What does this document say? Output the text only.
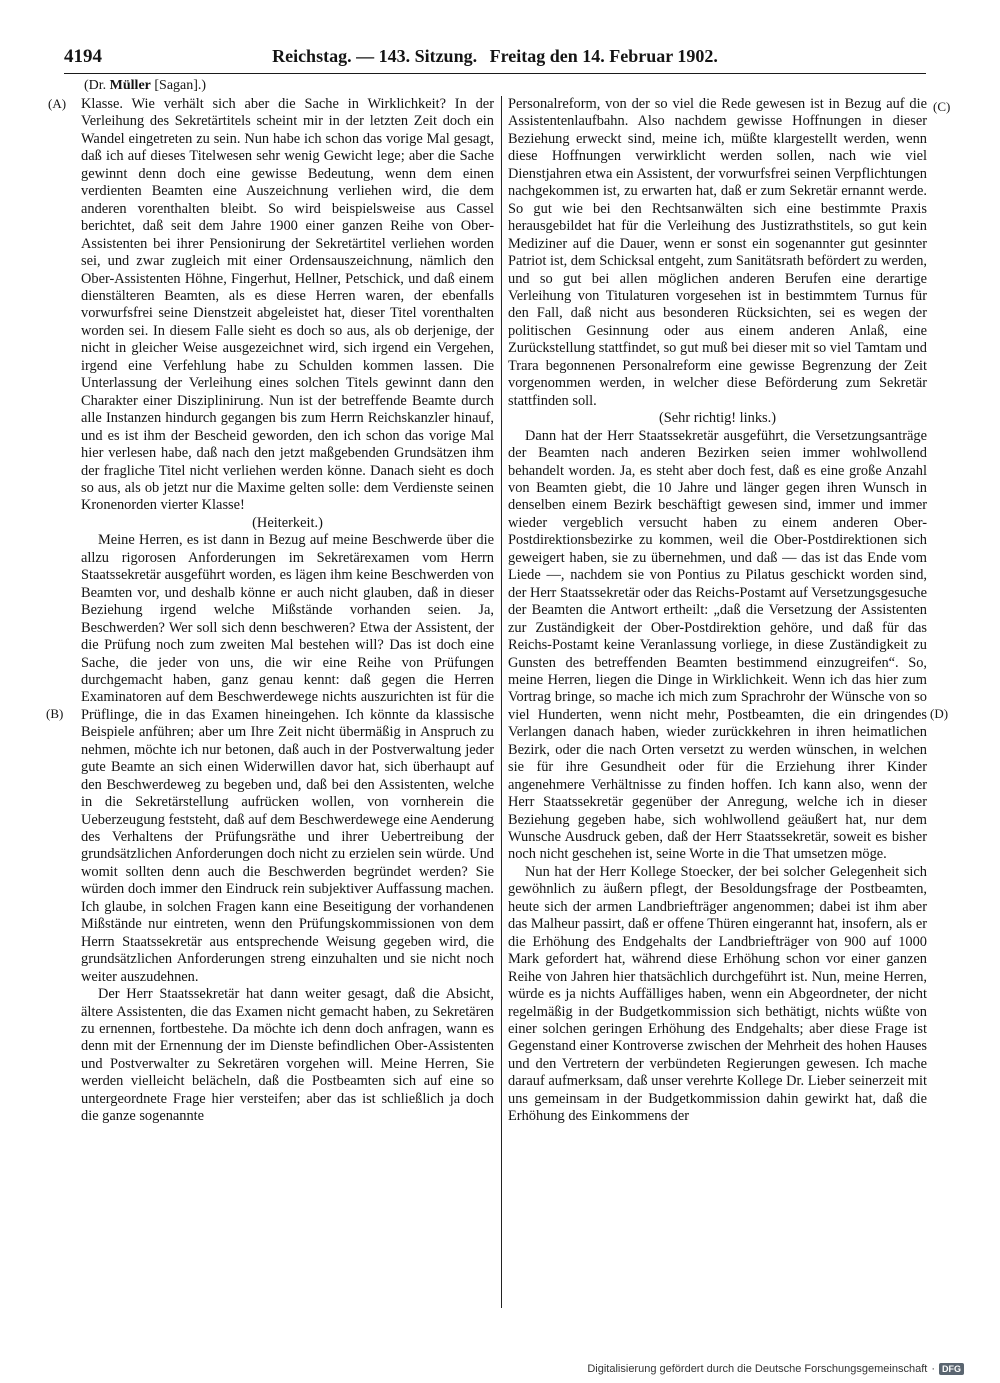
4194	Reichstag. — 143. Sitzung. Freitag den 14. Februar 1902.
(Dr. Müller [Sagan].)
(A)
(B)
(C)
(D)

Klasse. Wie verhält sich aber die Sache in Wirklichkeit? In der Verleihung des Sekretärtitels scheint mir in der letzten Zeit doch ein Wandel eingetreten zu sein. Nun habe ich schon das vorige Mal gesagt, daß ich auf dieses Titelwesen sehr wenig Gewicht lege; aber die Sache gewinnt denn doch eine gewisse Bedeutung, wenn dem einen verdienten Beamten eine Auszeichnung verliehen wird, die dem anderen vorenthalten bleibt. So wird beispielsweise aus Cassel berichtet, daß seit dem Jahre 1900 einer ganzen Reihe von Ober-Assistenten bei ihrer Pensionirung der Sekretärtitel verliehen worden sei, und zwar zugleich mit einer Ordensauszeichnung, nämlich den Ober-Assistenten Höhne, Fingerhut, Hellner, Petschick, und daß einem dienstälteren Beamten, als es diese Herren waren, der ebenfalls vorwurfsfrei seine Dienstzeit abgeleistet hat, dieser Titel vorenthalten worden sei. In diesem Falle sieht es doch so aus, als ob derjenige, der nicht in gleicher Weise ausgezeichnet wird, sich irgend ein Vergehen, irgend eine Verfehlung habe zu Schulden kommen lassen. Die Unterlassung der Verleihung eines solchen Titels gewinnt dann den Charakter einer Disziplinirung. Nun ist der betreffende Beamte durch alle Instanzen hindurch gegangen bis zum Herrn Reichskanzler hinauf, und es ist ihm der Bescheid geworden, den ich schon das vorige Mal hier verlesen habe, daß nach den jetzt maßgebenden Grundsätzen ihm der fragliche Titel nicht verliehen werden könne. Danach sieht es doch so aus, als ob jetzt nur die Maxime gelten solle: dem Verdienste seinen Kronenorden vierter Klasse!

(Heiterkeit.)

Meine Herren, es ist dann in Bezug auf meine Beschwerde über die allzu rigorosen Anforderungen im Sekretärexamen vom Herrn Staatssekretär ausgeführt worden, es lägen ihm keine Beschwerden von Beamten vor, und deshalb könne er auch nicht glauben, daß in dieser Beziehung irgend welche Mißstände vorhanden seien. Ja, Beschwerden? Wer soll sich denn beschweren? Etwa der Assistent, der die Prüfung noch zum zweiten Mal bestehen will? Das ist doch eine Sache, die jeder von uns, die wir eine Reihe von Prüfungen durchgemacht haben, ganz genau kennt: daß gegen die Herren Examinatoren auf dem Beschwerdewege nichts auszurichten ist für die Prüflinge, die in das Examen hineingehen. Ich könnte da klassische Beispiele anführen; aber um Ihre Zeit nicht übermäßig in Anspruch zu nehmen, möchte ich nur betonen, daß auch in der Postverwaltung jeder gute Beamte an sich einen Widerwillen davor hat, sich überhaupt auf den Beschwerdeweg zu begeben und, daß bei den Assistenten, welche in die Sekretärstellung aufrücken wollen, von vornherein die Ueberzeugung feststeht, daß auf dem Beschwerdewege eine Aenderung des Verhaltens der Prüfungsräthe und ihrer Uebertreibung der grundsätzlichen Anforderungen doch nicht zu erzielen sein würde. Und womit sollten denn auch die Beschwerden begründet werden? Sie würden doch immer den Eindruck rein subjektiver Auffassung machen. Ich glaube, in solchen Fragen kann eine Beseitigung der vorhandenen Mißstände nur eintreten, wenn den Prüfungskommissionen von dem Herrn Staatssekretär aus entsprechende Weisung gegeben wird, die grundsätzlichen Anforderungen streng einzuhalten und sie nicht noch weiter auszudehnen.

Der Herr Staatssekretär hat dann weiter gesagt, daß die Absicht, ältere Assistenten, die das Examen nicht gemacht haben, zu Sekretären zu ernennen, fortbestehe. Da möchte ich denn doch anfragen, wann es denn mit der Ernennung der im Dienste befindlichen Ober-Assistenten und Postverwalter zu Sekretären vorgehen will. Meine Herren, Sie werden vielleicht belächeln, daß die Postbeamten sich auf eine so untergeordnete Frage hier versteifen; aber das ist schließlich ja doch die ganze sogenannte

Personalreform, von der so viel die Rede gewesen ist in Bezug auf die Assistentenlaufbahn. Also nachdem gewisse Hoffnungen in dieser Beziehung erweckt sind, meine ich, müßte klargestellt werden, wenn diese Hoffnungen verwirklicht werden sollen, nach wie viel Dienstjahren etwa ein Assistent, der vorwurfsfrei seinen Verpflichtungen nachgekommen ist, zu erwarten hat, daß er zum Sekretär ernannt werde. So gut wie bei den Rechtsanwälten sich eine bestimmte Praxis herausgebildet hat für die Verleihung des Justizrathstitels, so gut kein Mediziner auf die Dauer, wenn er sonst ein sogenannter gut gesinnter Patriot ist, dem Schicksal entgeht, zum Sanitätsrath befördert zu werden, und so gut bei allen möglichen anderen Berufen eine derartige Verleihung von Titulaturen vorgesehen ist in bestimmtem Turnus für den Fall, daß nicht aus besonderen Rücksichten, sei es wegen der politischen Gesinnung oder aus einem anderen Anlaß, eine Zurückstellung stattfindet, so gut muß bei dieser mit so viel Tamtam und Trara begonnenen Personalreform eine gewisse Begrenzung der Zeit vorgenommen werden, in welcher diese Beförderung zum Sekretär stattfinden soll.

(Sehr richtig! links.)

Dann hat der Herr Staatssekretär ausgeführt, die Versetzungsanträge der Beamten nach anderen Bezirken seien immer wohlwollend behandelt worden. Ja, es steht aber doch fest, daß es eine große Anzahl von Beamten giebt, die 10 Jahre und länger gegen ihren Wunsch in denselben einem Bezirk beschäftigt gewesen sind, immer und immer wieder vergeblich versucht haben zu einem anderen Ober-Postdirektionsbezirke zu kommen, weil die Ober-Postdirektionen sich geweigert haben, sie zu übernehmen, und daß — das ist das Ende vom Liede —, nachdem sie von Pontius zu Pilatus geschickt worden sind, der Herr Staatssekretär oder das Reichs-Postamt auf Versetzungsgesuche der Beamten die Antwort ertheilt: „daß die Versetzung der Assistenten zur Zuständigkeit der Ober-Postdirektion gehöre, und daß für das Reichs-Postamt keine Veranlassung vorliege, in diese Zuständigkeit zu Gunsten des betreffenden Beamten bestimmend einzugreifen“. So, meine Herren, liegen die Dinge in Wirklichkeit. Wenn ich das hier zum Vortrag bringe, so mache ich mich zum Sprachrohr der Wünsche von so viel Hunderten, wenn nicht mehr, Postbeamten, die ein dringendes Verlangen danach haben, wieder zurückkehren in ihren heimatlichen Bezirk, oder die nach Orten versetzt zu werden wünschen, in welchen sie für ihre Gesundheit oder für die Erziehung ihrer Kinder angenehmere Verhältnisse zu finden hoffen. Ich kann also, wenn der Herr Staatssekretär gegenüber der Anregung, welche ich in dieser Beziehung gegeben habe, sich wohlwollend geäußert hat, nur dem Wunsche Ausdruck geben, daß der Herr Staatssekretär, soweit es bisher noch nicht geschehen ist, seine Worte in die That umsetzen möge.

Nun hat der Herr Kollege Stoecker, der bei solcher Gelegenheit sich gewöhnlich zu äußern pflegt, der Besoldungsfrage der Postbeamten, heute sich der armen Landbriefträger angenommen; dabei ist ihm aber das Malheur passirt, daß er offene Thüren eingerannt hat, insofern, als er die Erhöhung des Endgehalts der Landbriefträger von 900 auf 1000 Mark gefordert hat, während diese Erhöhung schon vor einer ganzen Reihe von Jahren hier thatsächlich durchgeführt ist. Nun, meine Herren, würde es ja nichts Auffälliges haben, wenn ein Abgeordneter, der nicht regelmäßig in der Budgetkommission sich bethätigt, nichts wüßte von einer solchen geringen Erhöhung des Endgehalts; aber diese Frage ist Gegenstand einer Kontroverse zwischen der Mehrheit des hohen Hauses und den Vertretern der verbündeten Regierungen gewesen. Ich mache darauf aufmerksam, daß unser verehrte Kollege Dr. Lieber seinerzeit mit uns gemeinsam in der Budgetkommission dahin gewirkt hat, daß die Erhöhung des Einkommens der

Digitalisierung gefördert durch die Deutsche Forschungsgemeinschaft · DFG
